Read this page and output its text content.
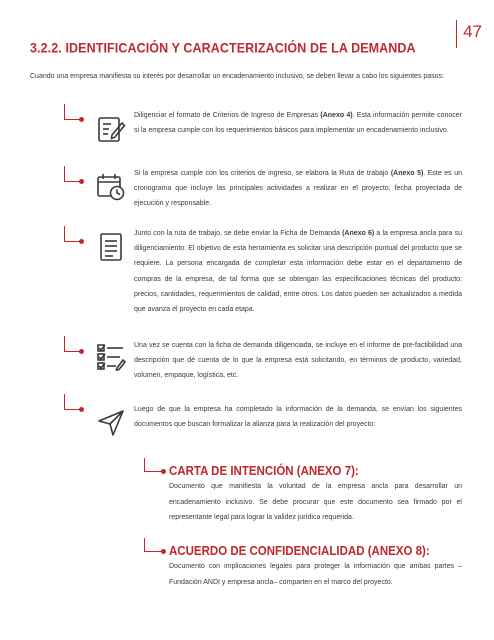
47
3.2.2. IDENTIFICACIÓN Y CARACTERIZACIÓN DE LA DEMANDA

Cuando una empresa manifiesta su interés por desarrollar un encadenamiento inclusivo, se deben llevar a cabo los siguientes pasos:

Diligenciar el formato de Criterios de Ingreso de Empresas (Anexo 4). Esta información permite conocer si la empresa cumple con los requerimientos básicos para implementar un encadenamiento inclusivo.

Si la empresa cumple con los criterios de ingreso, se elabora la Ruta de trabajo (Anexo 5). Este es un cronograma que incluye las principales actividades a realizar en el proyecto, fecha proyectada de ejecución y responsable.

Junto con la ruta de trabajo, se debe enviar la Ficha de Demanda (Anexo 6) a la empresa ancla para su diligenciamiento. El objetivo de esta herramienta es solicitar una descripción puntual del producto que se requiere. La persona encargada de completar esta información debe estar en el departamento de compras de la empresa, de tal forma que se obtengan las especificaciones técnicas del producto: precios, cantidades, requerimientos de calidad, entre otros. Los datos pueden ser actualizados a medida que avanza el proyecto en cada etapa.

Una vez se cuenta con la ficha de demanda diligenciada, se incluye en el informe de pre-factibilidad una descripción que dé cuenta de lo que la empresa está solicitando, en términos de producto, variedad, volumen, empaque, logística, etc.

Luego de que la empresa ha completado la información de la demanda, se envían los siguientes documentos que buscan formalizar la alianza para la realización del proyecto:

CARTA DE INTENCIÓN (ANEXO 7):

Documento que manifiesta la voluntad de la empresa ancla para desarrollar un encadenamiento inclusivo. Se debe procurar que este documento sea firmado por el representante legal para lograr la validez jurídica requerida.

ACUERDO DE CONFIDENCIALIDAD (ANEXO 8):

Documento con implicaciones legales para proteger la información que ambas partes –Fundación ANDI y empresa ancla– comparten en el marco del proyecto.
